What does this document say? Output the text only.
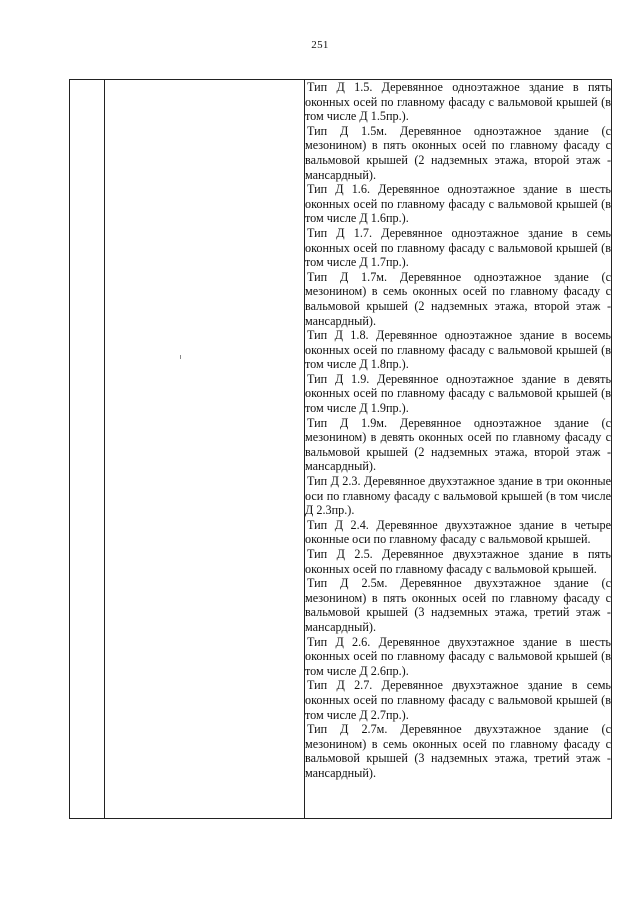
251

Тип Д 1.5. Деревянное одноэтажное здание в пять оконных осей по главному фасаду с вальмовой крышей (в том числе Д 1.5пр.).

Тип Д 1.5м. Деревянное одноэтажное здание (с мезонином) в пять оконных осей по главному фасаду с вальмовой крышей (2 надземных этажа, второй этаж - мансардный).

Тип Д 1.6. Деревянное одноэтажное здание в шесть оконных осей по главному фасаду с вальмовой крышей (в том числе Д 1.6пр.).

Тип Д 1.7. Деревянное одноэтажное здание в семь оконных осей по главному фасаду с вальмовой крышей (в том числе Д 1.7пр.).

Тип Д 1.7м. Деревянное одноэтажное здание (с мезонином) в семь оконных осей по главному фасаду с вальмовой крышей (2 надземных этажа, второй этаж - мансардный).

Тип Д 1.8. Деревянное одноэтажное здание в восемь оконных осей по главному фасаду с вальмовой крышей (в том числе Д 1.8пр.).

Тип Д 1.9. Деревянное одноэтажное здание в девять оконных осей по главному фасаду с вальмовой крышей (в том числе Д 1.9пр.).

Тип Д 1.9м. Деревянное одноэтажное здание (с мезонином) в девять оконных осей по главному фасаду с вальмовой крышей (2 надземных этажа, второй этаж - мансардный).

Тип Д 2.3. Деревянное двухэтажное здание в три оконные оси по главному фасаду с вальмовой крышей (в том числе Д 2.3пр.).

Тип Д 2.4. Деревянное двухэтажное здание в четыре оконные оси по главному фасаду с вальмовой крышей.

Тип Д 2.5. Деревянное двухэтажное здание в пять оконных осей по главному фасаду с вальмовой крышей.

Тип Д 2.5м. Деревянное двухэтажное здание (с мезонином) в пять оконных осей по главному фасаду с вальмовой крышей (3 надземных этажа, третий этаж - мансардный).

Тип Д 2.6. Деревянное двухэтажное здание в шесть оконных осей по главному фасаду с вальмовой крышей (в том числе Д 2.6пр.).

Тип Д 2.7. Деревянное двухэтажное здание в семь оконных осей по главному фасаду с вальмовой крышей (в том числе Д 2.7пр.).

Тип Д 2.7м. Деревянное двухэтажное здание (с мезонином) в семь оконных осей по главному фасаду с вальмовой крышей (3 надземных этажа, третий этаж - мансардный).
